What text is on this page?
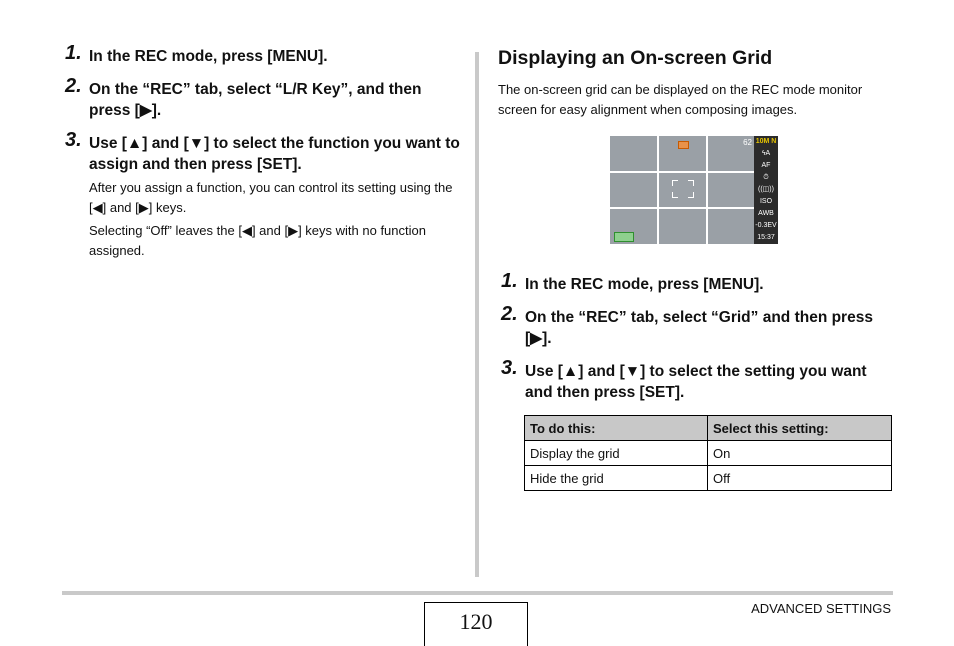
1. In the REC mode, press [MENU].
2. On the “REC” tab, select “L/R Key”, and then press [▶].
3. Use [▲] and [▼] to select the function you want to assign and then press [SET].
After you assign a function, you can control its setting using the [◀] and [▶] keys.
Selecting “Off” leaves the [◀] and [▶] keys with no function assigned.
Displaying an On-screen Grid
The on-screen grid can be displayed on the REC mode monitor screen for easy alignment when composing images.
62 10M N
ϟA
AF
⏱
((◫))
ISO
AWB
-0.3EV
15:37
1. In the REC mode, press [MENU].
2. On the “REC” tab, select “Grid” and then press [▶].
3. Use [▲] and [▼] to select the setting you want and then press [SET].
To do this:	Select this setting:
Display the grid	On
Hide the grid	Off
ADVANCED SETTINGS
120
